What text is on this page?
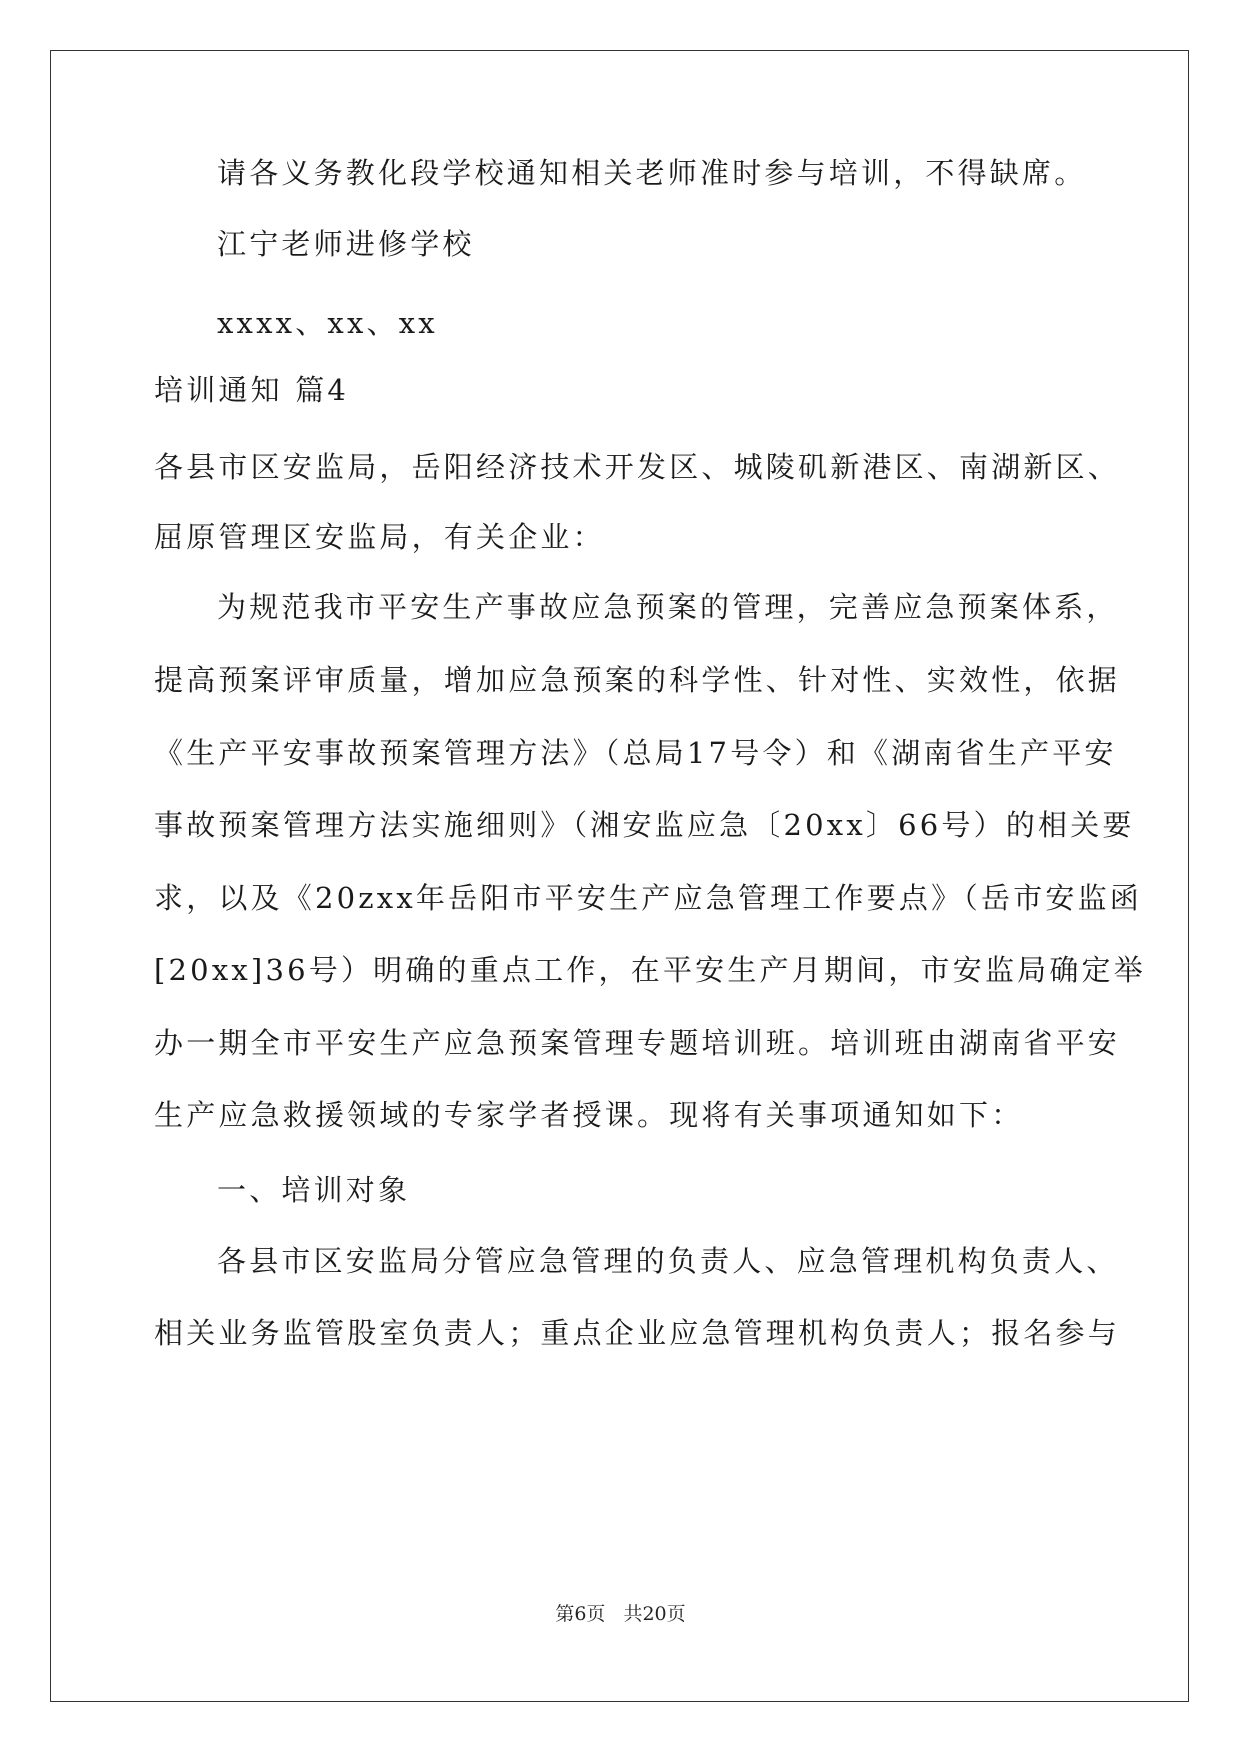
请各义务教化段学校通知相关老师准时参与培训，不得缺席。

江宁老师进修学校

xxxx、xx、xx

培训通知 篇4

各县市区安监局，岳阳经济技术开发区、城陵矶新港区、南湖新区、

屈原管理区安监局，有关企业：

为规范我市平安生产事故应急预案的管理，完善应急预案体系，

提高预案评审质量，增加应急预案的科学性、针对性、实效性，依据

《生产平安事故预案管理方法》（总局17号令）和《湖南省生产平安

事故预案管理方法实施细则》（湘安监应急〔20xx〕66号）的相关要

求，以及《20zxx年岳阳市平安生产应急管理工作要点》（岳市安监函

[20xx]36号）明确的重点工作，在平安生产月期间，市安监局确定举

办一期全市平安生产应急预案管理专题培训班。培训班由湖南省平安

生产应急救援领域的专家学者授课。现将有关事项通知如下：

一、培训对象

各县市区安监局分管应急管理的负责人、应急管理机构负责人、

相关业务监管股室负责人；重点企业应急管理机构负责人；报名参与

第6页 共20页
